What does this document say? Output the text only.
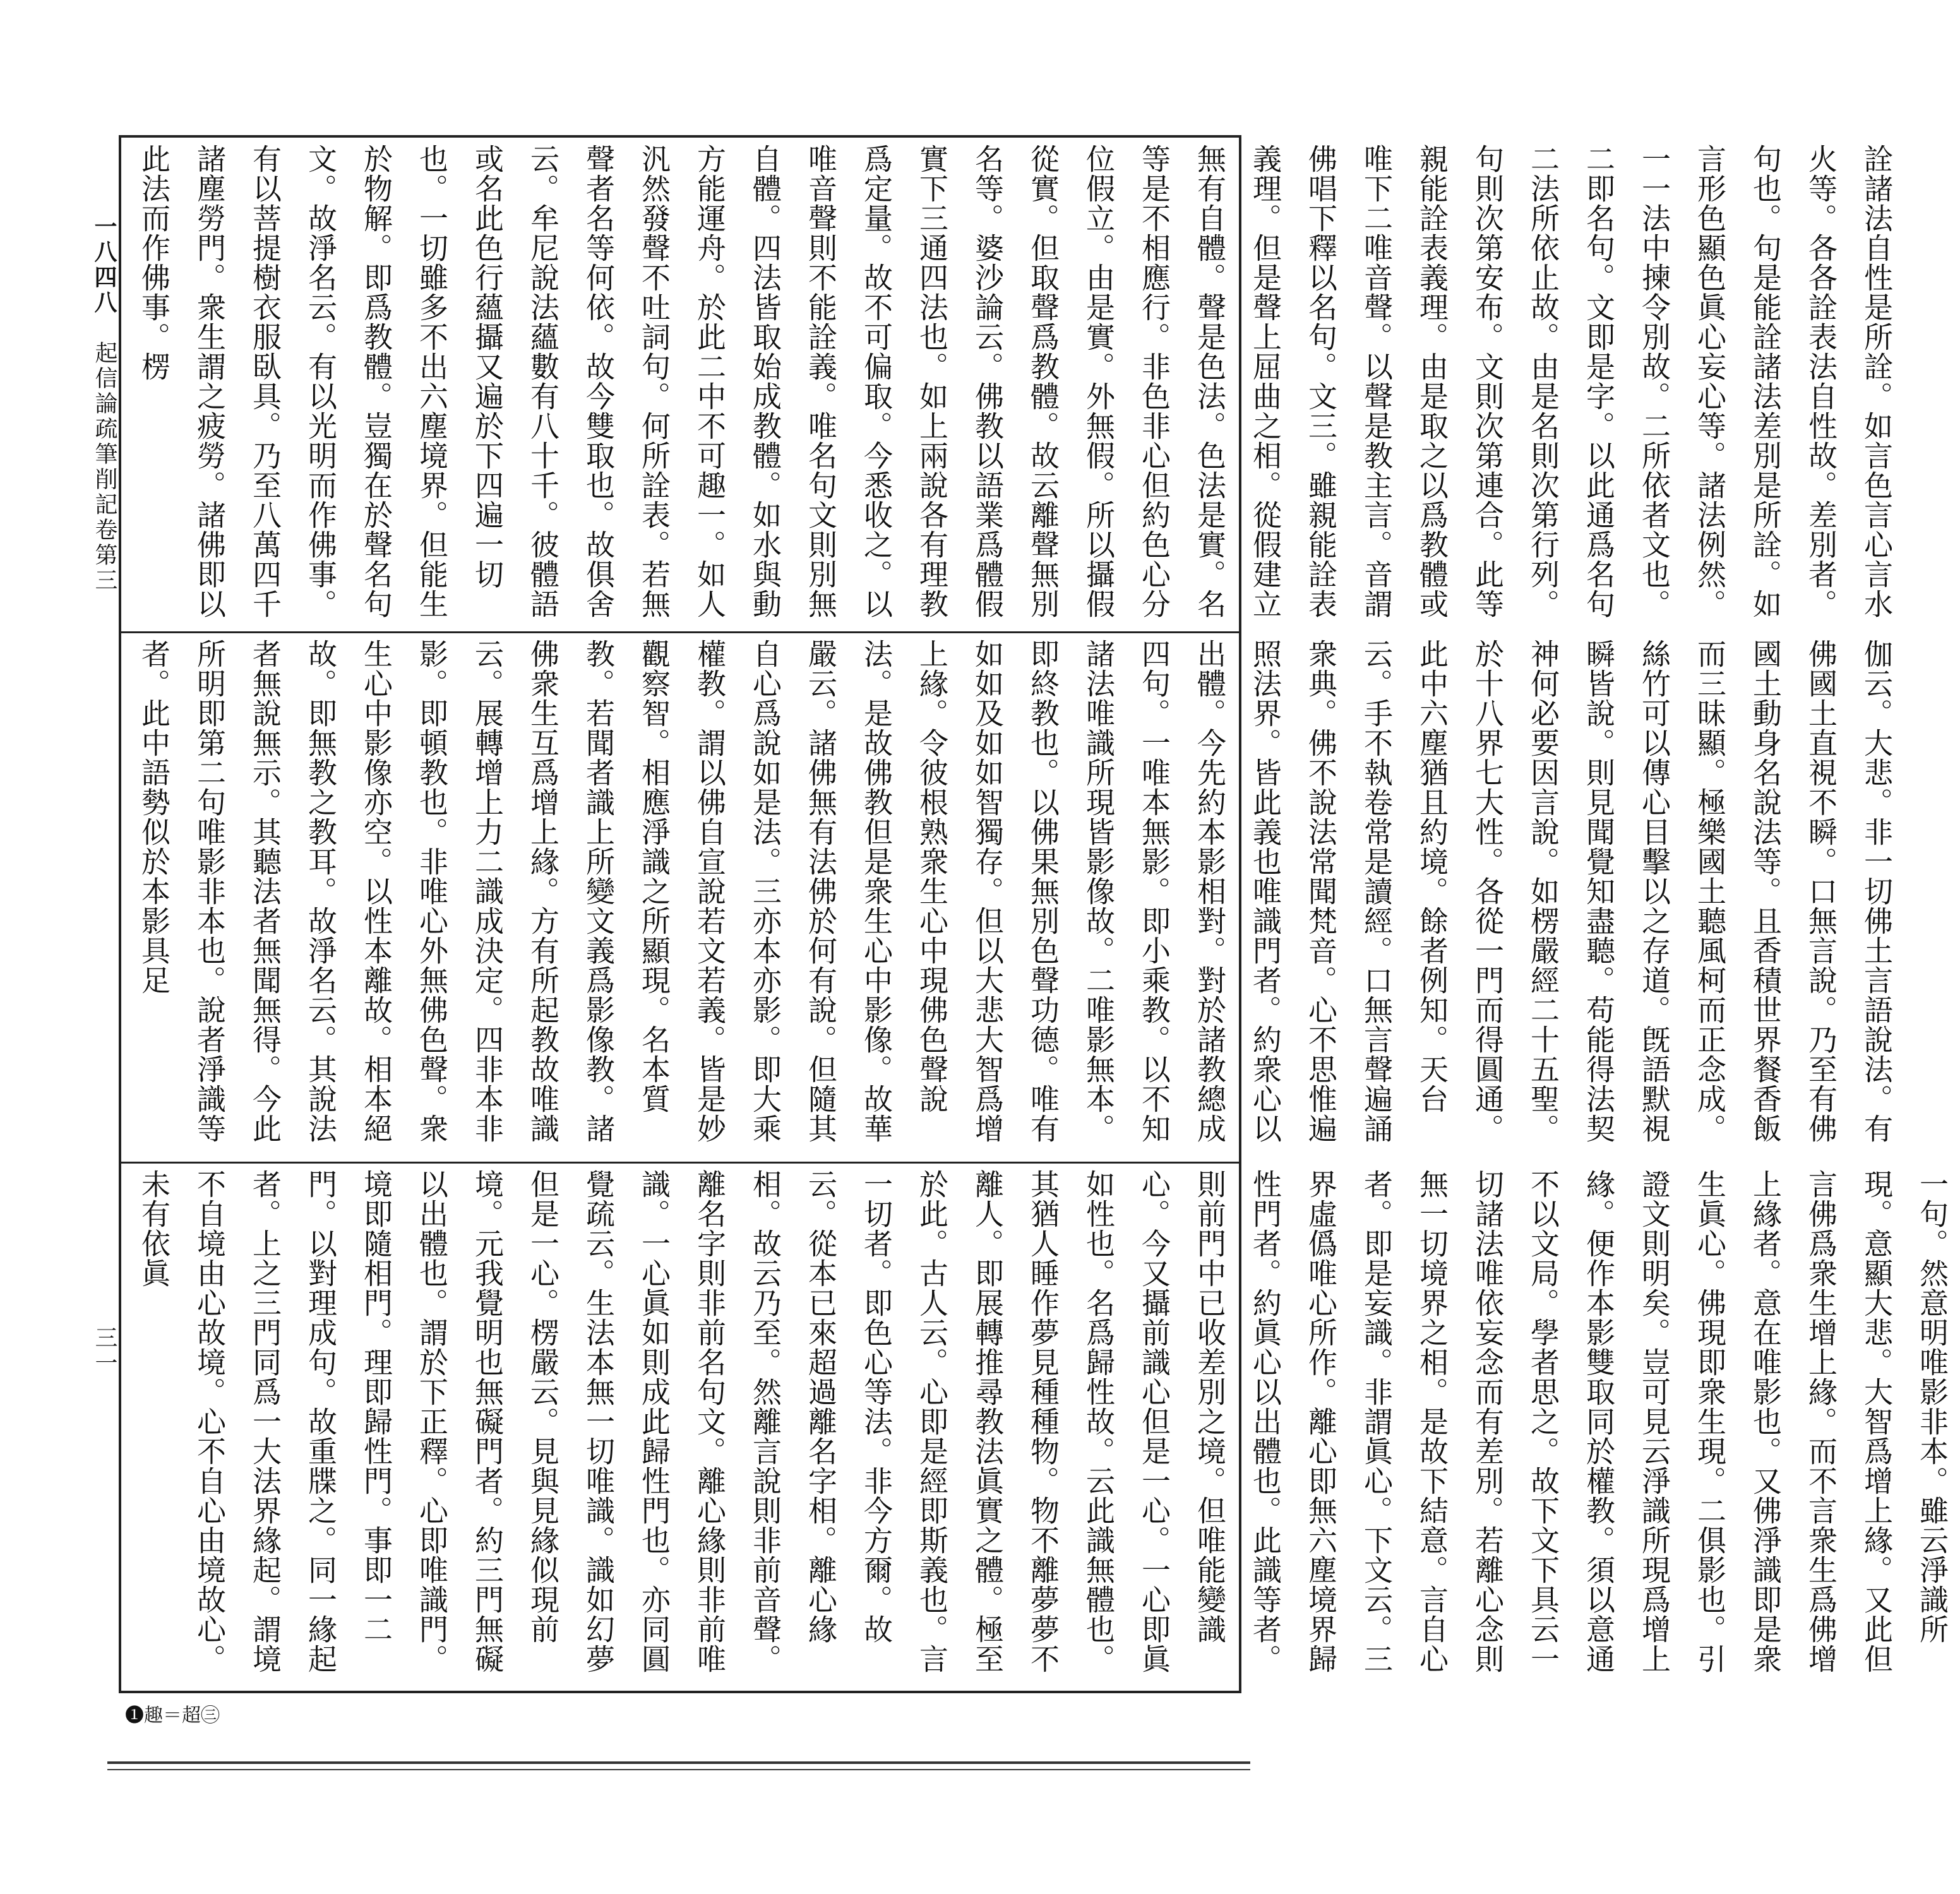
詮諸法自性是所詮。如言色言心言水火等。各各詮表法自性故。差別者。句也。句是能詮諸法差別是所詮。如言形色顯色眞心妄心等。諸法例然。一一法中揀令別故。二所依者文也。二即名句。文即是字。以此通爲名句二法所依止故。由是名則次第行列。句則次第安布。文則次第連合。此等親能詮表義理。由是取之以爲教體或唯下二唯音聲。以聲是教主言。音謂佛唱下釋以名句。文三。雖親能詮表義理。但是聲上屈曲之相。從假建立無有自體。聲是色法。色法是實。名等是不相應行。非色非心但約色心分位假立。由是實。外無假。所以攝假從實。但取聲爲教體。故云離聲無別名等。婆沙論云。佛教以語業爲體假實下三通四法也。如上兩說各有理教爲定量。故不可偏取。今悉收之。以唯音聲則不能詮義。唯名句文則別無自體。四法皆取始成教體。如水與動方能運舟。於此二中不可趣一。如人汎然發聲不吐詞句。何所詮表。若無聲者名等何依。故今雙取也。故俱舍云。牟尼說法蘊數有八十千。彼體語或名此色行蘊攝又遍於下四遍一切也。一切雖多不出六塵境界。但能生於物解。即爲教體。豈獨在於聲名句文。故淨名云。有以光明而作佛事。有以菩提樹衣服臥具。乃至八萬四千諸塵勞門。衆生謂之疲勞。諸佛即以此法而作佛事。楞
伽云。大悲。非一切佛土言語說法。有佛國土直視不瞬。口無言說。乃至有佛國土動身名說法等。且香積世界餐香飯而三昧顯。極樂國土聽風柯而正念成。絲竹可以傳心目擊以之存道。旣語默視瞬皆說。則見聞覺知盡聽。苟能得法契神何必要因言說。如楞嚴經二十五聖。於十八界七大性。各從一門而得圓通。此中六塵猶且約境。餘者例知。天台云。手不執卷常是讀經。口無言聲遍誦衆典。佛不說法常聞梵音。心不思惟遍照法界。皆此義也唯識門者。約衆心以出體。今先約本影相對。對於諸教總成四句。一唯本無影。即小乘教。以不知諸法唯識所現皆影像故。二唯影無本。即終教也。以佛果無別色聲功德。唯有如如及如如智獨存。但以大悲大智爲增上緣。令彼根熟衆生心中現佛色聲說法。是故佛教但是衆生心中影像。故華嚴云。諸佛無有法佛於何有說。但隨其自心爲說如是法。三亦本亦影。即大乘權教。謂以佛自宣說若文若義。皆是妙觀察智。相應淨識之所顯現。名本質教。若聞者識上所變文義爲影像教。諸佛衆生互爲增上緣。方有所起教故唯識云。展轉增上力二識成決定。四非本非影。即頓教也。非唯心外無佛色聲。衆生心中影像亦空。以性本離故。相本絕故。即無教之教耳。故淨名云。其說法者無說無示。其聽法者無聞無得。今此所明即第二句唯影非本也。說者淨識等者。此中語勢似於本影具足
一句。然意明唯影非本。雖云淨識所現。意顯大悲。大智爲增上緣。又此但言佛爲衆生增上緣。而不言衆生爲佛增上緣者。意在唯影也。又佛淨識即是衆生眞心。佛現即衆生現。二俱影也。引證文則明矣。豈可見云淨識所現爲增上緣。便作本影雙取同於權教。須以意通不以文局。學者思之。故下文下具云一切諸法唯依妄念而有差別。若離心念則無一切境界之相。是故下結意。言自心者。即是妄識。非謂眞心。下文云。三界虛僞唯心所作。離心即無六塵境界歸性門者。約眞心以出體也。此識等者。則前門中已收差別之境。但唯能變識心。今又攝前識心但是一心。一心即眞如性也。名爲歸性故。云此識無體也。其猶人睡作夢見種種物。物不離夢夢不離人。即展轉推尋教法眞實之體。極至於此。古人云。心即是經即斯義也。言一切者。即色心等法。非今方爾。故云。從本已來超過離名字相。離心緣相。故云乃至。然離言說則非前音聲。離名字則非前名句文。離心緣則非前唯識。一心眞如則成此歸性門也。亦同圓覺疏云。生法本無一切唯識。識如幻夢但是一心。楞嚴云。見與見緣似現前境。元我覺明也無礙門者。約三門無礙以出體也。謂於下正釋。心即唯識門。境即隨相門。理即歸性門。事即一二門。以對理成句。故重牒之。同一緣起者。上之三門同爲一大法界緣起。謂境不自境由心故境。心不自心由境故心。未有依眞
一八四八
起信論疏筆削記卷第三
三一
❶趣＝超㊂
